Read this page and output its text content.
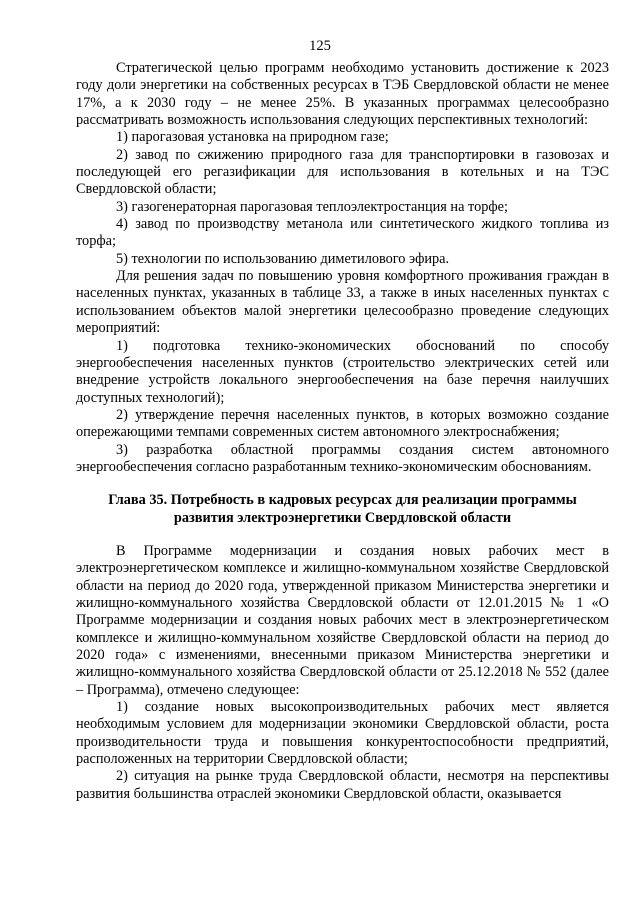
125

Стратегической целью программ необходимо установить достижение к 2023 году доли энергетики на собственных ресурсах в ТЭБ Свердловской области не менее 17%, а к 2030 году – не менее 25%. В указанных программах целесообразно рассматривать возможность использования следующих перспективных технологий:

1) парогазовая установка на природном газе;

2) завод по сжижению природного газа для транспортировки в газовозах и последующей его регазификации для использования в котельных и на ТЭС Свердловской области;

3) газогенераторная парогазовая теплоэлектростанция на торфе;

4) завод по производству метанола или синтетического жидкого топлива из торфа;

5) технологии по использованию диметилового эфира.

Для решения задач по повышению уровня комфортного проживания граждан в населенных пунктах, указанных в таблице 33, а также в иных населенных пунктах с использованием объектов малой энергетики целесообразно проведение следующих мероприятий:

1) подготовка технико-экономических обоснований по способу энергообеспечения населенных пунктов (строительство электрических сетей или внедрение устройств локального энергообеспечения на базе перечня наилучших доступных технологий);

2) утверждение перечня населенных пунктов, в которых возможно создание опережающими темпами современных систем автономного электроснабжения;

3) разработка областной программы создания систем автономного энергообеспечения согласно разработанным технико-экономическим обоснованиям.

Глава 35. Потребность в кадровых ресурсах для реализации программы
развития электроэнергетики Свердловской области

В Программе модернизации и создания новых рабочих мест в электроэнергетическом комплексе и жилищно-коммунальном хозяйстве Свердловской области на период до 2020 года, утвержденной приказом Министерства энергетики и жилищно-коммунального хозяйства Свердловской области от 12.01.2015 № 1 «О Программе модернизации и создания новых рабочих мест в электроэнергетическом комплексе и жилищно-коммунальном хозяйстве Свердловской области на период до 2020 года» с изменениями, внесенными приказом Министерства энергетики и жилищно-коммунального хозяйства Свердловской области от 25.12.2018 № 552 (далее – Программа), отмечено следующее:

1) создание новых высокопроизводительных рабочих мест является необходимым условием для модернизации экономики Свердловской области, роста производительности труда и повышения конкурентоспособности предприятий, расположенных на территории Свердловской области;

2) ситуация на рынке труда Свердловской области, несмотря на перспективы развития большинства отраслей экономики Свердловской области, оказывается
